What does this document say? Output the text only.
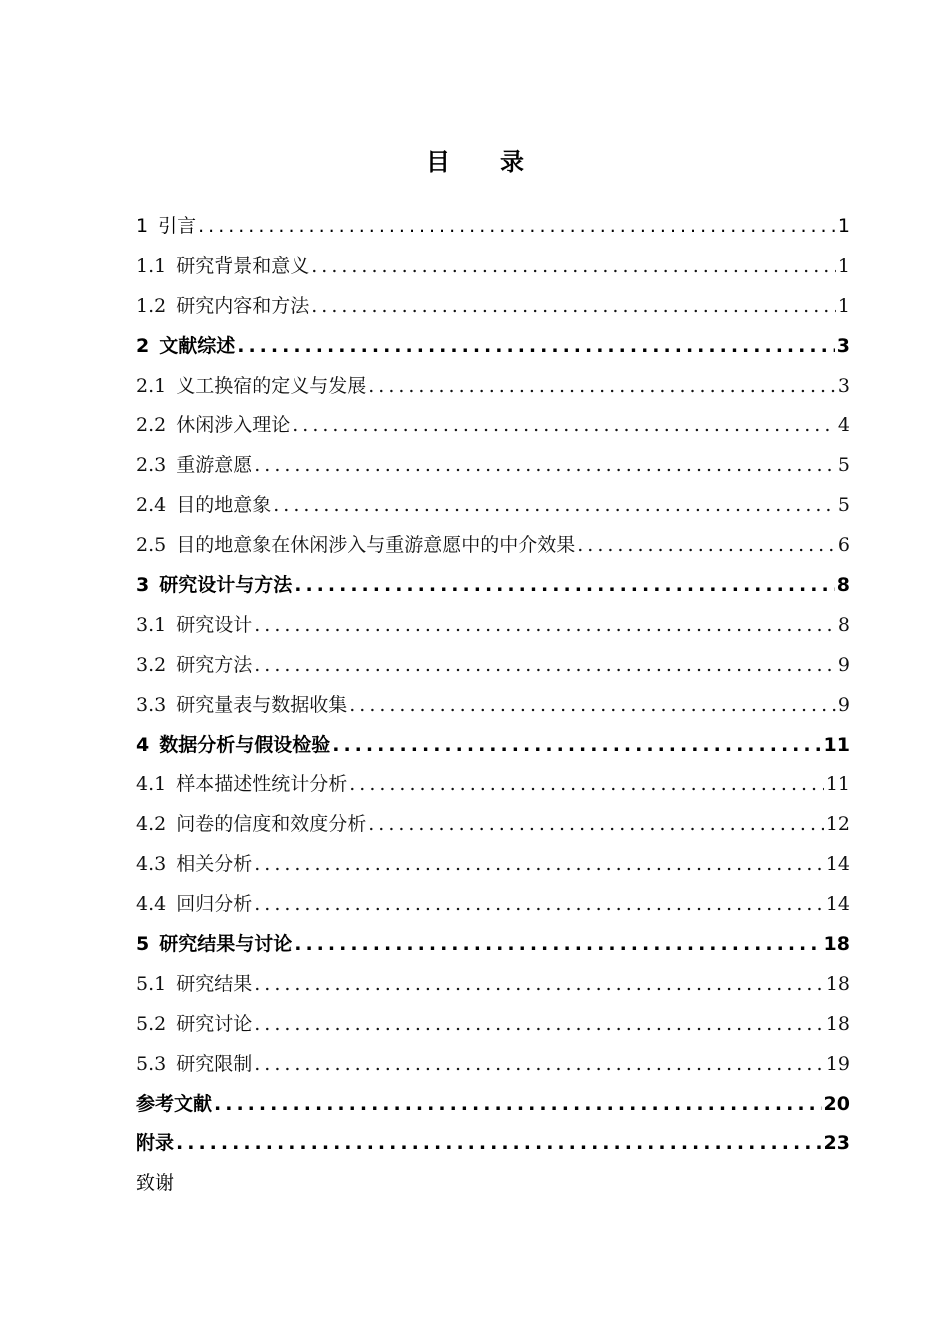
目录
1 引言 .....	1
1.1 研究背景和意义 .....	1
1.2 研究内容和方法 .....	1
2 文献综述 .....	3
2.1 义工换宿的定义与发展 .....	3
2.2 休闲涉入理论 .....	4
2.3 重游意愿 .....	5
2.4 目的地意象 .....	5
2.5 目的地意象在休闲涉入与重游意愿中的中介效果 .....	6
3 研究设计与方法 .....	8
3.1 研究设计 .....	8
3.2 研究方法 .....	9
3.3 研究量表与数据收集 .....	9
4 数据分析与假设检验 .....	11
4.1 样本描述性统计分析 .....	11
4.2 问卷的信度和效度分析 .....	12
4.3 相关分析 .....	14
4.4 回归分析 .....	14
5 研究结果与讨论 .....	18
5.1 研究结果 .....	18
5.2 研究讨论 .....	18
5.3 研究限制 .....	19
参考文献 .....	20
附录 .....	23
致谢
